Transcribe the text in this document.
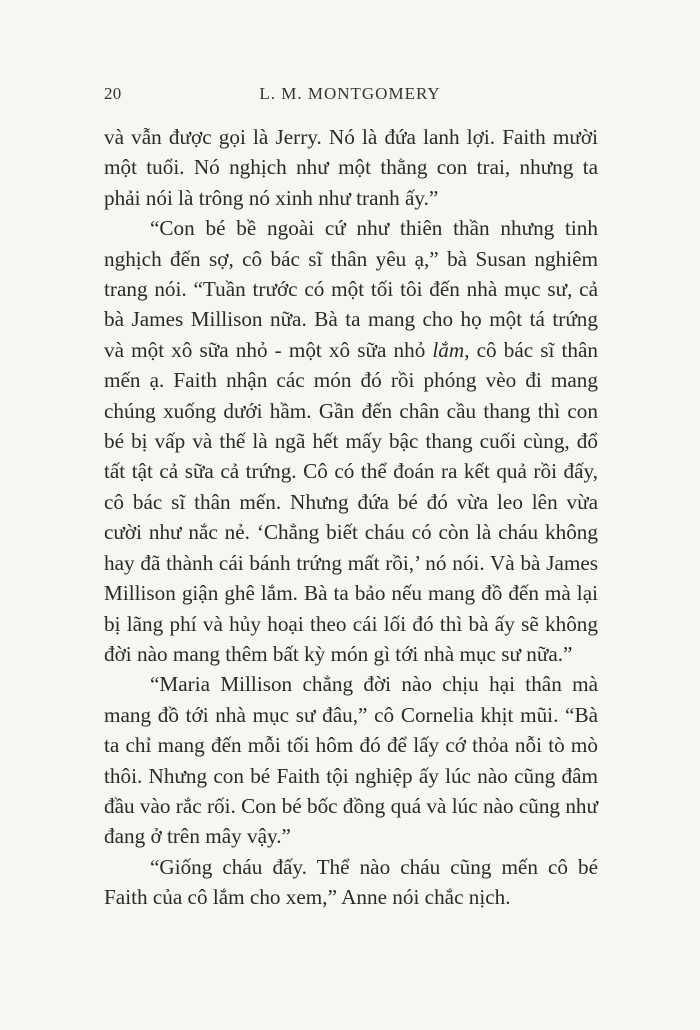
20	L. M. MONTGOMERY

và vẫn được gọi là Jerry. Nó là đứa lanh lợi. Faith mười một tuổi. Nó nghịch như một thằng con trai, nhưng ta phải nói là trông nó xinh như tranh ấy.”

“Con bé bề ngoài cứ như thiên thần nhưng tinh nghịch đến sợ, cô bác sĩ thân yêu ạ,” bà Susan nghiêm trang nói. “Tuần trước có một tối tôi đến nhà mục sư, cả bà James Millison nữa. Bà ta mang cho họ một tá trứng và một xô sữa nhỏ - một xô sữa nhỏ lắm, cô bác sĩ thân mến ạ. Faith nhận các món đó rồi phóng vèo đi mang chúng xuống dưới hầm. Gần đến chân cầu thang thì con bé bị vấp và thế là ngã hết mấy bậc thang cuối cùng, đổ tất tật cả sữa cả trứng. Cô có thể đoán ra kết quả rồi đấy, cô bác sĩ thân mến. Nhưng đứa bé đó vừa leo lên vừa cười như nắc nẻ. ‘Chẳng biết cháu có còn là cháu không hay đã thành cái bánh trứng mất rồi,’ nó nói. Và bà James Millison giận ghê lắm. Bà ta bảo nếu mang đồ đến mà lại bị lãng phí và hủy hoại theo cái lối đó thì bà ấy sẽ không đời nào mang thêm bất kỳ món gì tới nhà mục sư nữa.”

“Maria Millison chẳng đời nào chịu hại thân mà mang đồ tới nhà mục sư đâu,” cô Cornelia khịt mũi. “Bà ta chỉ mang đến mỗi tối hôm đó để lấy cớ thỏa nỗi tò mò thôi. Nhưng con bé Faith tội nghiệp ấy lúc nào cũng đâm đầu vào rắc rối. Con bé bốc đồng quá và lúc nào cũng như đang ở trên mây vậy.”

“Giống cháu đấy. Thể nào cháu cũng mến cô bé Faith của cô lắm cho xem,” Anne nói chắc nịch.
